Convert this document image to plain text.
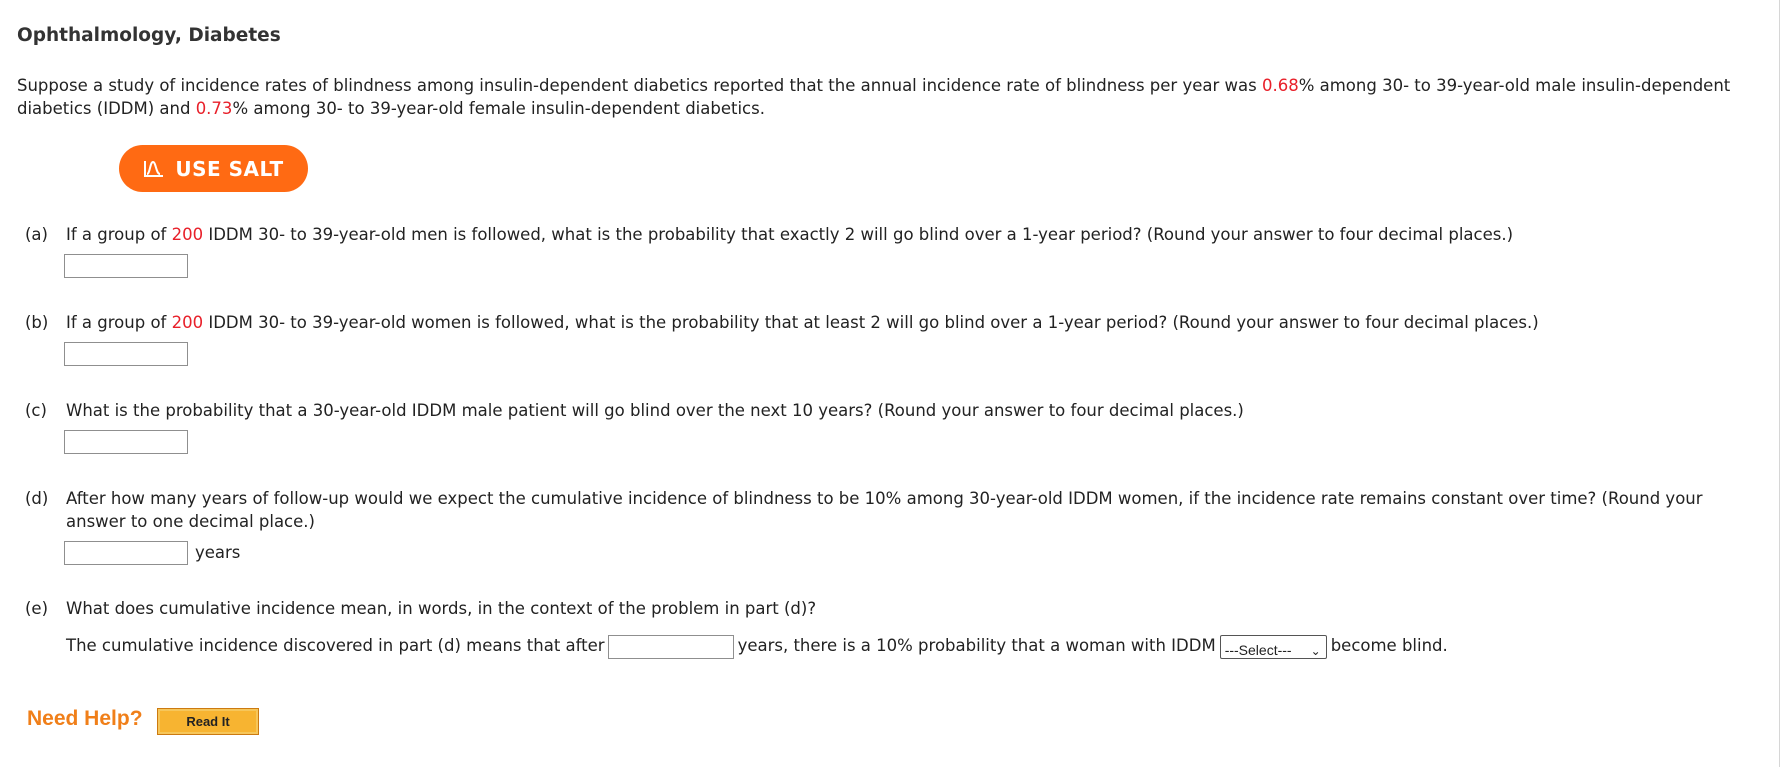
Ophthalmology, Diabetes
Suppose a study of incidence rates of blindness among insulin-dependent diabetics reported that the annual incidence rate of blindness per year was 0.68% among 30- to 39-year-old male insulin-dependent diabetics (IDDM) and 0.73% among 30- to 39-year-old female insulin-dependent diabetics.
USE SALT
(a) If a group of 200 IDDM 30- to 39-year-old men is followed, what is the probability that exactly 2 will go blind over a 1-year period? (Round your answer to four decimal places.)
(b) If a group of 200 IDDM 30- to 39-year-old women is followed, what is the probability that at least 2 will go blind over a 1-year period? (Round your answer to four decimal places.)
(c) What is the probability that a 30-year-old IDDM male patient will go blind over the next 10 years? (Round your answer to four decimal places.)
(d) After how many years of follow-up would we expect the cumulative incidence of blindness to be 10% among 30-year-old IDDM women, if the incidence rate remains constant over time? (Round your answer to one decimal place.)
years
(e) What does cumulative incidence mean, in words, in the context of the problem in part (d)?
The cumulative incidence discovered in part (d) means that after	years, there is a 10% probability that a woman with IDDM ---Select--- ⌄ become blind.
Need Help?	Read It
